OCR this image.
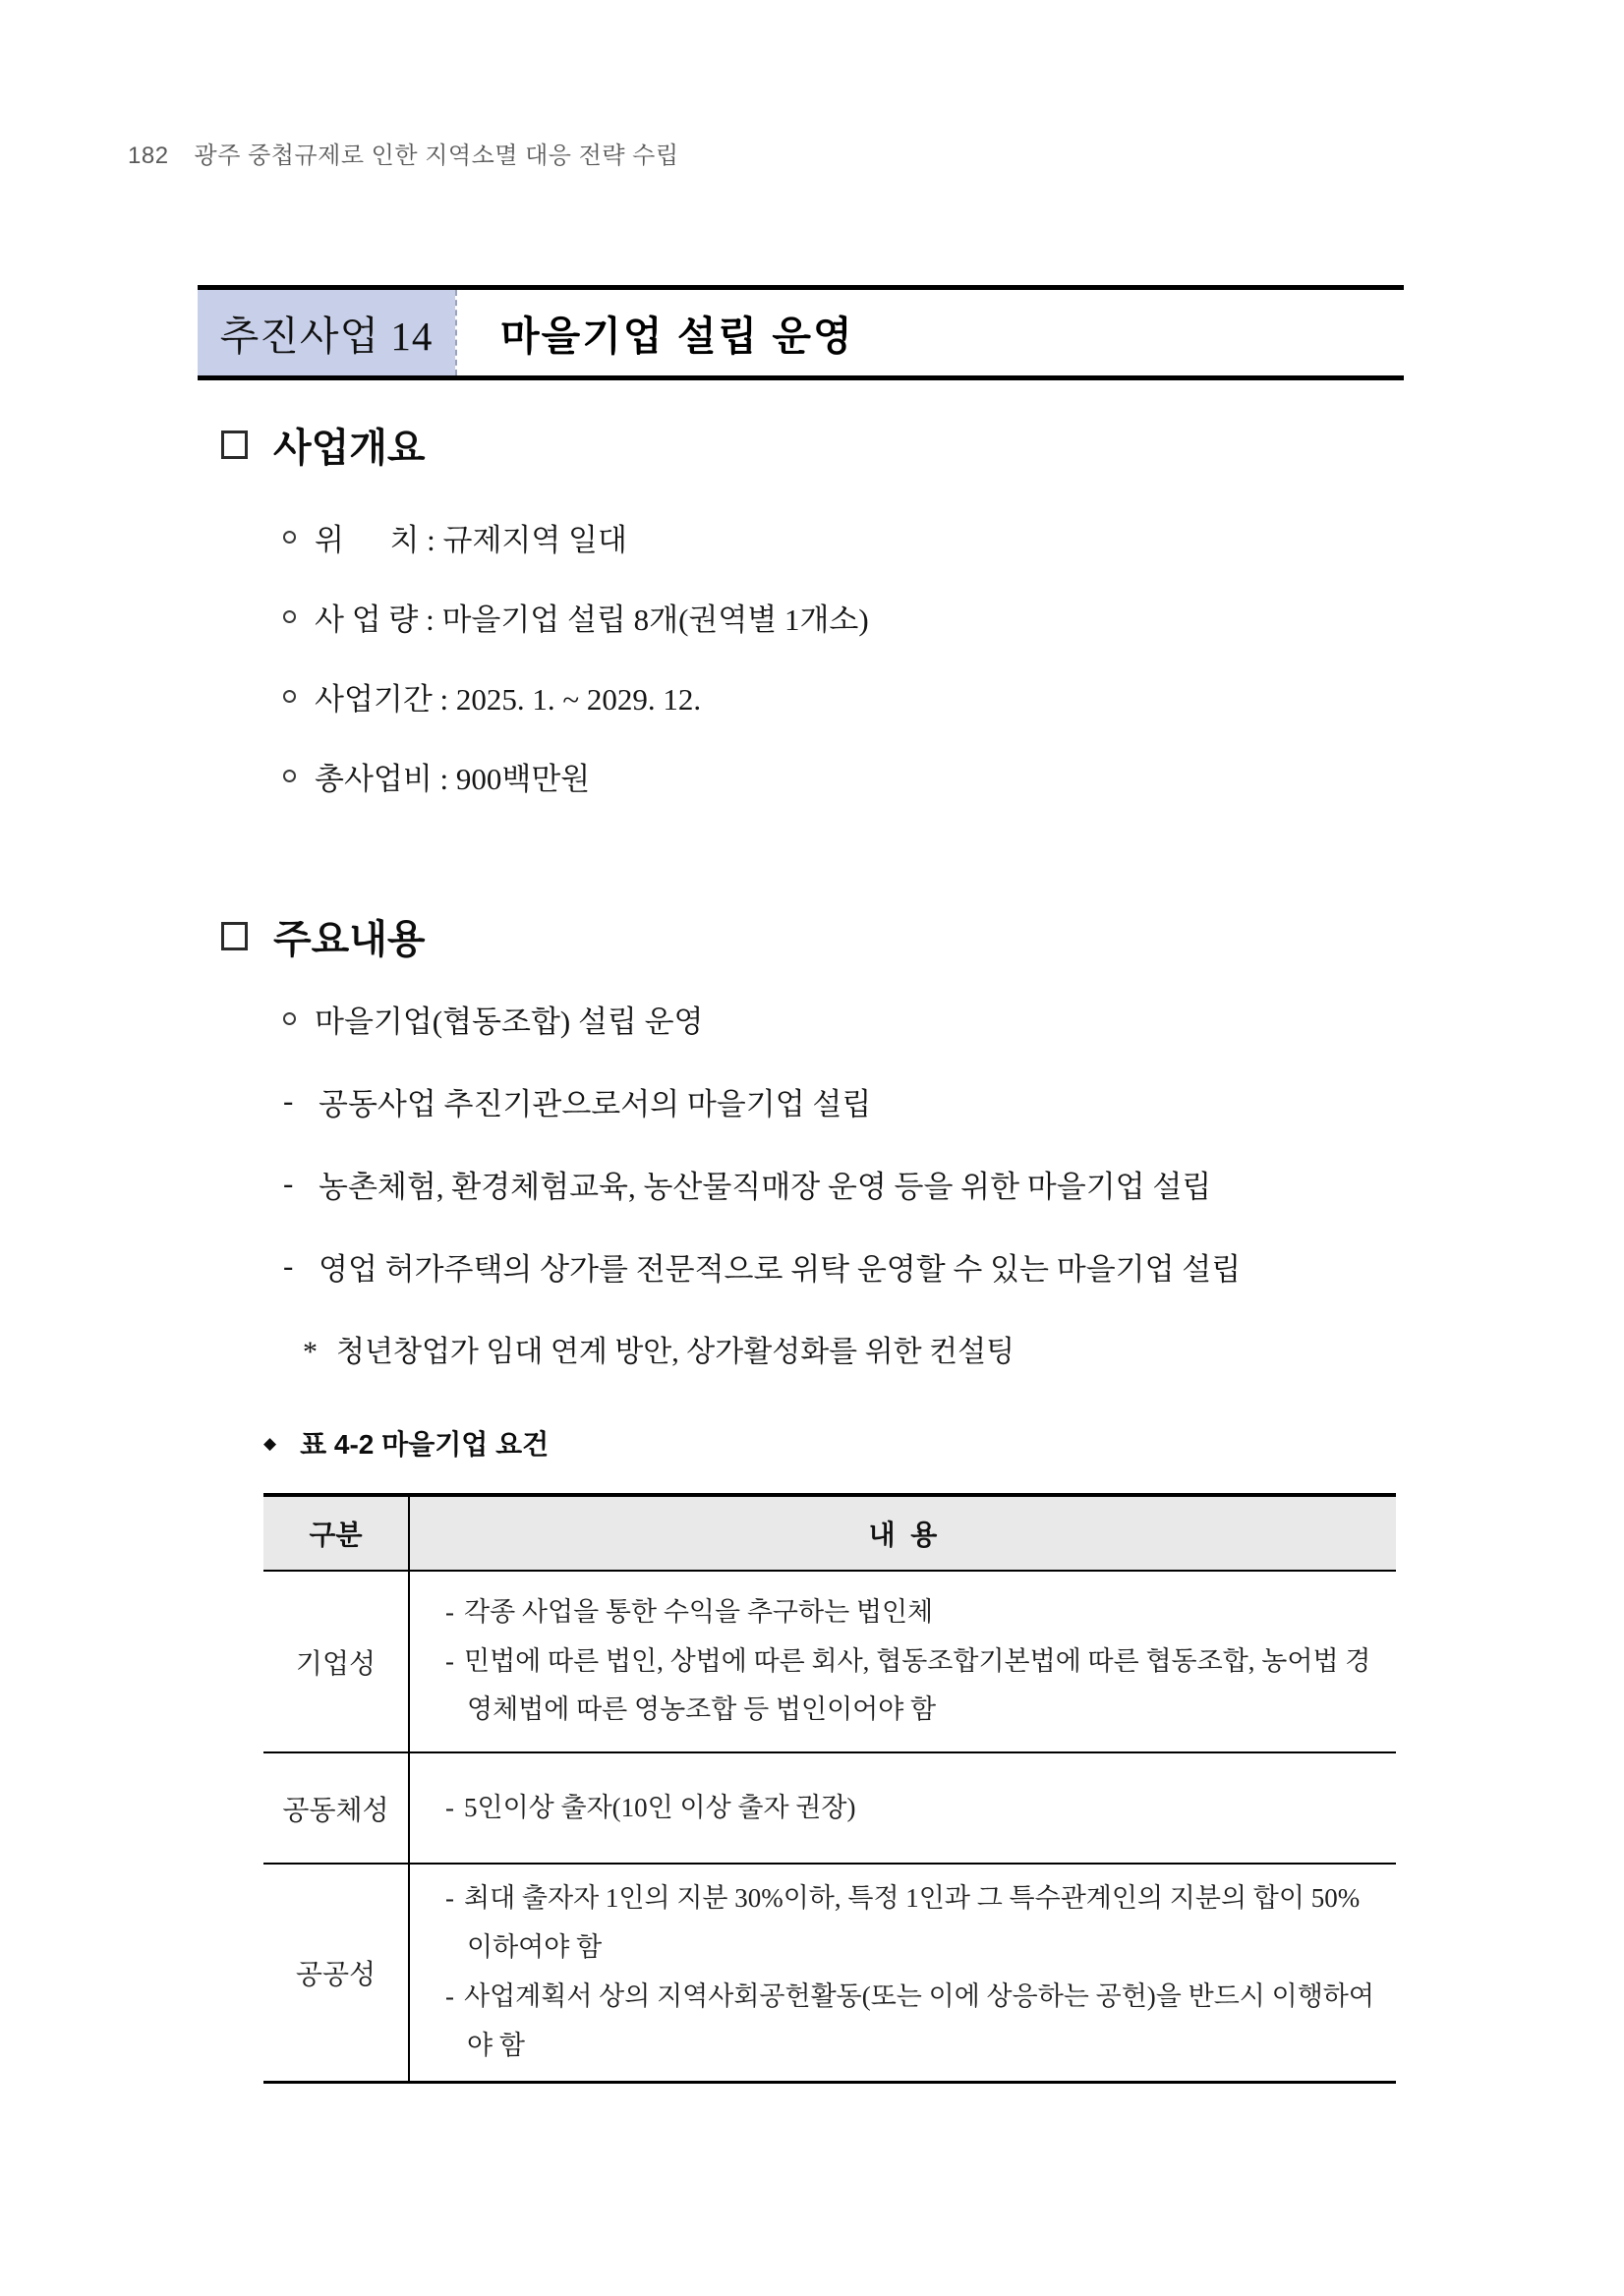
182 광주 중첩규제로 인한 지역소멸 대응 전략 수립
추진사업 14	마을기업 설립 운영
사업개요
위      치 : 규제지역 일대
사 업 량 : 마을기업 설립 8개(권역별 1개소)
사업기간 : 2025. 1. ~ 2029. 12.
총사업비 : 900백만원
주요내용
마을기업(협동조합) 설립 운영
- 공동사업 추진기관으로서의 마을기업 설립
- 농촌체험, 환경체험교육, 농산물직매장 운영 등을 위한 마을기업 설립
- 영업 허가주택의 상가를 전문적으로 위탁 운영할 수 있는 마을기업 설립
* 청년창업가 임대 연계 방안, 상가활성화를 위한 컨설팅
◆ 표 4-2 마을기업 요건
구분	내  용
기업성	- 각종 사업을 통한 수익을 추구하는 법인체

- 민법에 따른 법인, 상법에 따른 회사, 협동조합기본법에 따른 협동조합, 농어법 경영체법에 따른 영농조합 등 법인이어야 함

공동체성	- 5인이상 출자(10인 이상 출자 권장)

공공성	- 최대 출자자 1인의 지분 30%이하, 특정 1인과 그 특수관계인의 지분의 합이 50% 이하여야 함

- 사업계획서 상의 지역사회공헌활동(또는 이에 상응하는 공헌)을 반드시 이행하여야 함
